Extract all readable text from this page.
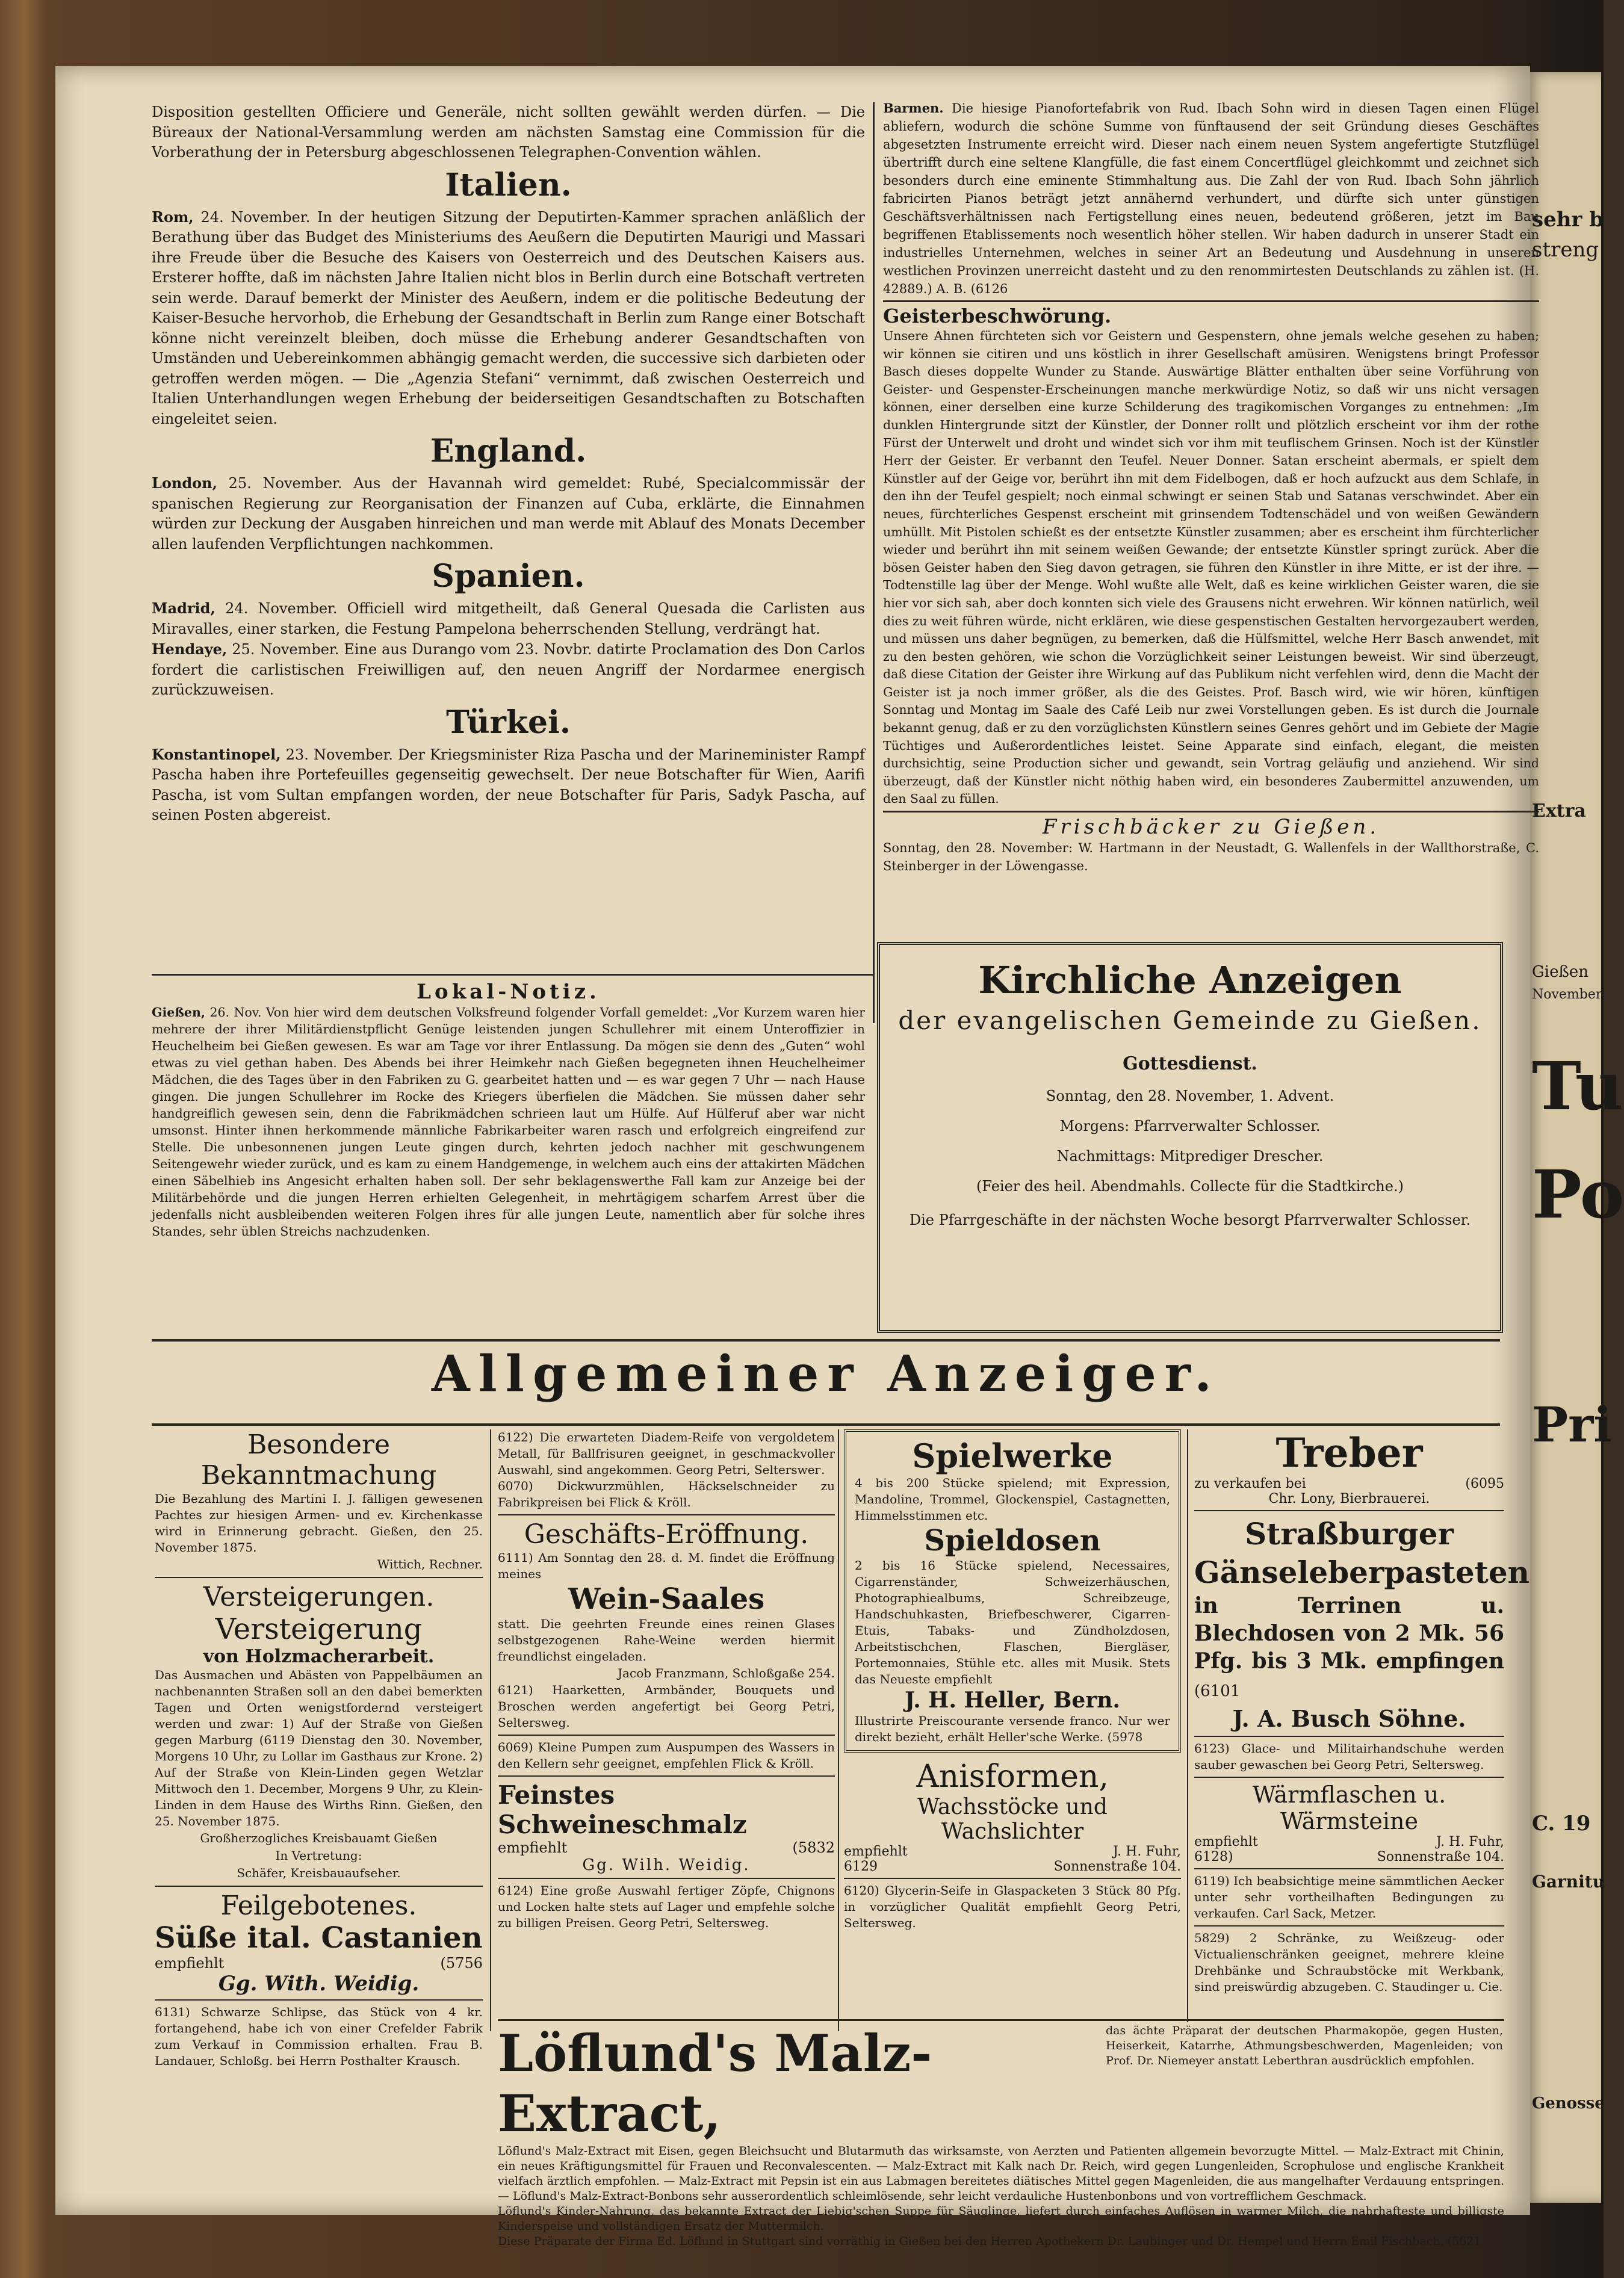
sehr b
streng
Gießen
November
Tu
Po
Pri
Extra
C. 19
Garnitu
Genosse

Disposition gestellten Officiere und Generäle, nicht sollten gewählt werden dürfen. — Die Büreaux der National-Versammlung werden am nächsten Samstag eine Commission für die Vorberathung der in Petersburg abgeschlossenen Telegraphen-Convention wählen.

Italien.

Rom, 24. November. In der heutigen Sitzung der Deputirten-Kammer sprachen anläßlich der Berathung über das Budget des Ministeriums des Aeußern die Deputirten Maurigi und Massari ihre Freude über die Besuche des Kaisers von Oesterreich und des Deutschen Kaisers aus. Ersterer hoffte, daß im nächsten Jahre Italien nicht blos in Berlin durch eine Botschaft vertreten sein werde. Darauf bemerkt der Minister des Aeußern, indem er die politische Bedeutung der Kaiser-Besuche hervorhob, die Erhebung der Gesandtschaft in Berlin zum Range einer Botschaft könne nicht vereinzelt bleiben, doch müsse die Erhebung anderer Gesandtschaften von Umständen und Uebereinkommen abhängig gemacht werden, die successive sich darbieten oder getroffen werden mögen. — Die „Agenzia Stefani“ vernimmt, daß zwischen Oesterreich und Italien Unterhandlungen wegen Erhebung der beiderseitigen Gesandtschaften zu Botschaften eingeleitet seien.

England.

London, 25. November. Aus der Havannah wird gemeldet: Rubé, Specialcommissär der spanischen Regierung zur Reorganisation der Finanzen auf Cuba, erklärte, die Einnahmen würden zur Deckung der Ausgaben hinreichen und man werde mit Ablauf des Monats December allen laufenden Verpflichtungen nachkommen.

Spanien.

Madrid, 24. November. Officiell wird mitgetheilt, daß General Quesada die Carlisten aus Miravalles, einer starken, die Festung Pampelona beherrschenden Stellung, verdrängt hat.

Hendaye, 25. November. Eine aus Durango vom 23. Novbr. datirte Proclamation des Don Carlos fordert die carlistischen Freiwilligen auf, den neuen Angriff der Nordarmee energisch zurückzuweisen.

Türkei.

Konstantinopel, 23. November. Der Kriegsminister Riza Pascha und der Marineminister Rampf Pascha haben ihre Portefeuilles gegenseitig gewechselt. Der neue Botschafter für Wien, Aarifi Pascha, ist vom Sultan empfangen worden, der neue Botschafter für Paris, Sadyk Pascha, auf seinen Posten abgereist.

Lokal-Notiz.

Gießen, 26. Nov. Von hier wird dem deutschen Volksfreund folgender Vorfall gemeldet: „Vor Kurzem waren hier mehrere der ihrer Militärdienstpflicht Genüge leistenden jungen Schullehrer mit einem Unteroffizier in Heuchelheim bei Gießen gewesen. Es war am Tage vor ihrer Entlassung. Da mögen sie denn des „Guten“ wohl etwas zu viel gethan haben. Des Abends bei ihrer Heimkehr nach Gießen begegneten ihnen Heuchelheimer Mädchen, die des Tages über in den Fabriken zu G. gearbeitet hatten und — es war gegen 7 Uhr — nach Hause gingen. Die jungen Schullehrer im Rocke des Kriegers überfielen die Mädchen. Sie müssen daher sehr handgreiflich gewesen sein, denn die Fabrikmädchen schrieen laut um Hülfe. Auf Hülferuf aber war nicht umsonst. Hinter ihnen herkommende männliche Fabrikarbeiter waren rasch und erfolgreich eingreifend zur Stelle. Die unbesonnenen jungen Leute gingen durch, kehrten jedoch nachher mit geschwungenem Seitengewehr wieder zurück, und es kam zu einem Handgemenge, in welchem auch eins der attakirten Mädchen einen Säbelhieb ins Angesicht erhalten haben soll. Der sehr beklagenswerthe Fall kam zur Anzeige bei der Militärbehörde und die jungen Herren erhielten Gelegenheit, in mehrtägigem scharfem Arrest über die jedenfalls nicht ausbleibenden weiteren Folgen ihres für alle jungen Leute, namentlich aber für solche ihres Standes, sehr üblen Streichs nachzudenken.

Barmen. Die hiesige Pianofortefabrik von Rud. Ibach Sohn wird in diesen Tagen einen Flügel abliefern, wodurch die schöne Summe von fünftausend der seit Gründung dieses Geschäftes abgesetzten Instrumente erreicht wird. Dieser nach einem neuen System angefertigte Stutzflügel übertrifft durch eine seltene Klangfülle, die fast einem Concertflügel gleichkommt und zeichnet sich besonders durch eine eminente Stimmhaltung aus. Die Zahl der von Rud. Ibach Sohn jährlich fabricirten Pianos beträgt jetzt annähernd verhundert, und dürfte sich unter günstigen Geschäftsverhältnissen nach Fertigstellung eines neuen, bedeutend größeren, jetzt im Bau begriffenen Etablissements noch wesentlich höher stellen. Wir haben dadurch in unserer Stadt ein industrielles Unternehmen, welches in seiner Art an Bedeutung und Ausdehnung in unseren westlichen Provinzen unerreicht dasteht und zu den renommirtesten Deutschlands zu zählen ist. (H. 42889.) A. B. (6126

Geisterbeschwörung.

Unsere Ahnen fürchteten sich vor Geistern und Gespenstern, ohne jemals welche gesehen zu haben; wir können sie citiren und uns köstlich in ihrer Gesellschaft amüsiren. Wenigstens bringt Professor Basch dieses doppelte Wunder zu Stande. Auswärtige Blätter enthalten über seine Vorführung von Geister- und Gespenster-Erscheinungen manche merkwürdige Notiz, so daß wir uns nicht versagen können, einer derselben eine kurze Schilderung des tragikomischen Vorganges zu entnehmen: „Im dunklen Hintergrunde sitzt der Künstler, der Donner rollt und plötzlich erscheint vor ihm der rothe Fürst der Unterwelt und droht und windet sich vor ihm mit teuflischem Grinsen. Noch ist der Künstler Herr der Geister. Er verbannt den Teufel. Neuer Donner. Satan erscheint abermals, er spielt dem Künstler auf der Geige vor, berührt ihn mit dem Fidelbogen, daß er hoch aufzuckt aus dem Schlafe, in den ihn der Teufel gespielt; noch einmal schwingt er seinen Stab und Satanas verschwindet. Aber ein neues, fürchterliches Gespenst erscheint mit grinsendem Todtenschädel und von weißen Gewändern umhüllt. Mit Pistolen schießt es der entsetzte Künstler zusammen; aber es erscheint ihm fürchterlicher wieder und berührt ihn mit seinem weißen Gewande; der entsetzte Künstler springt zurück. Aber die bösen Geister haben den Sieg davon getragen, sie führen den Künstler in ihre Mitte, er ist der ihre. — Todtenstille lag über der Menge. Wohl wußte alle Welt, daß es keine wirklichen Geister waren, die sie hier vor sich sah, aber doch konnten sich viele des Grausens nicht erwehren. Wir können natürlich, weil dies zu weit führen würde, nicht erklären, wie diese gespenstischen Gestalten hervorgezaubert werden, und müssen uns daher begnügen, zu bemerken, daß die Hülfsmittel, welche Herr Basch anwendet, mit zu den besten gehören, wie schon die Vorzüglichkeit seiner Leistungen beweist. Wir sind überzeugt, daß diese Citation der Geister ihre Wirkung auf das Publikum nicht verfehlen wird, denn die Macht der Geister ist ja noch immer größer, als die des Geistes. Prof. Basch wird, wie wir hören, künftigen Sonntag und Montag im Saale des Café Leib nur zwei Vorstellungen geben. Es ist durch die Journale bekannt genug, daß er zu den vorzüglichsten Künstlern seines Genres gehört und im Gebiete der Magie Tüchtiges und Außerordentliches leistet. Seine Apparate sind einfach, elegant, die meisten durchsichtig, seine Production sicher und gewandt, sein Vortrag geläufig und anziehend. Wir sind überzeugt, daß der Künstler nicht nöthig haben wird, ein besonderes Zaubermittel anzuwenden, um den Saal zu füllen.

Frischbäcker zu Gießen.

Sonntag, den 28. November: W. Hartmann in der Neustadt, G. Wallenfels in der Wallthorstraße, C. Steinberger in der Löwengasse.

Kirchliche Anzeigen
der evangelischen Gemeinde zu Gießen.
Gottesdienst.
Sonntag, den 28. November, 1. Advent.
Morgens: Pfarrverwalter Schlosser.
Nachmittags: Mitprediger Drescher.
(Feier des heil. Abendmahls. Collecte für die Stadtkirche.)
Die Pfarrgeschäfte in der nächsten Woche besorgt Pfarrverwalter Schlosser.
Allgemeiner Anzeiger.
Besondere Bekanntmachung

Die Bezahlung des Martini I. J. fälligen gewesenen Pachtes zur hiesigen Armen- und ev. Kirchenkasse wird in Erinnerung gebracht. Gießen, den 25. November 1875.

Wittich, Rechner.

Versteigerungen.
Versteigerung
von Holzmacherarbeit.

Das Ausmachen und Abästen von Pappelbäumen an nachbenannten Straßen soll an den dabei bemerkten Tagen und Orten wenigstfordernd versteigert werden und zwar: 1) Auf der Straße von Gießen gegen Marburg (6119 Dienstag den 30. November, Morgens 10 Uhr, zu Lollar im Gasthaus zur Krone. 2) Auf der Straße von Klein-Linden gegen Wetzlar Mittwoch den 1. December, Morgens 9 Uhr, zu Klein-Linden in dem Hause des Wirths Rinn. Gießen, den 25. November 1875.

Großherzogliches Kreisbauamt Gießen

In Vertretung:

Schäfer, Kreisbauaufseher.

Feilgebotenes.
Süße ital. Castanien

empfiehlt	(5756

Gg. With. Weidig.

6131) Schwarze Schlipse, das Stück von 4 kr. fortangehend, habe ich von einer Crefelder Fabrik zum Verkauf in Commission erhalten. Frau B. Landauer, Schloßg. bei Herrn Posthalter Krausch.

6122) Die erwarteten Diadem-Reife von vergoldetem Metall, für Ballfrisuren geeignet, in geschmackvoller Auswahl, sind angekommen. Georg Petri, Selterswег.

6070) Dickwurzmühlen, Häckselschneider zu Fabrikpreisen bei Flick & Kröll.

Geschäfts-Eröffnung.

6111) Am Sonntag den 28. d. M. findet die Eröffnung meines

Wein-Saales

statt. Die geehrten Freunde eines reinen Glases selbstgezogenen Rahe-Weine werden hiermit freundlichst eingeladen.

Jacob Franzmann, Schloßgaße 254.

6121) Haarketten, Armbänder, Bouquets und Broschen werden angefertigt bei Georg Petri, Seltersweg.

6069) Kleine Pumpen zum Auspumpen des Wassers in den Kellern sehr geeignet, empfehlen Flick & Kröll.

Feinstes Schweineschmalz

empfiehlt	(5832

Gg. Wilh. Weidig.

6124) Eine große Auswahl fertiger Zöpfe, Chignons und Locken halte stets auf Lager und empfehle solche zu billigen Preisen. Georg Petri, Seltersweg.

Spielwerke

4 bis 200 Stücke spielend; mit Expression, Mandoline, Trommel, Glockenspiel, Castagnetten, Himmelsstimmen etc.

Spieldosen

2 bis 16 Stücke spielend, Necessaires, Cigarrenständer, Schweizerhäuschen, Photographiealbums, Schreibzeuge, Handschuhkasten, Briefbeschwerer, Cigarren-Etuis, Tabaks- und Zündholzdosen, Arbeitstischchen, Flaschen, Biergläser, Portemonnaies, Stühle etc. alles mit Musik. Stets das Neueste empfiehlt

J. H. Heller, Bern.

Illustrirte Preiscourante versende franco. Nur wer direkt bezieht, erhält Heller'sche Werke. (5978

Anisformen,
Wachsstöcke und Wachslichter

empfiehlt	J. H. Fuhr,

6129	Sonnenstraße 104.

6120) Glycerin-Seife in Glaspacketen 3 Stück 80 Pfg. in vorzüglicher Qualität empfiehlt Georg Petri, Seltersweg.

Treber

zu verkaufen bei	(6095

Chr. Lony, Bierbrauerei.
Straßburger Gänseleberpasteten

in Terrinen u. Blechdosen von 2 Mk. 56 Pfg. bis 3 Mk. empfingen (6101

J. A. Busch Söhne.

6123) Glace- und Militairhandschuhe werden sauber gewaschen bei Georg Petri, Seltersweg.

Wärmflaschen u. Wärmsteine

empfiehlt	J. H. Fuhr,

6128)	Sonnenstraße 104.

6119) Ich beabsichtige meine sämmtlichen Aecker unter sehr vortheilhaften Bedingungen zu verkaufen. Carl Sack, Metzer.

5829) 2 Schränke, zu Weißzeug- oder Victualienschränken geeignet, mehrere kleine Drehbänke und Schraubstöcke mit Werkbank, sind preiswürdig abzugeben. C. Staudinger u. Cie.

Löflund's Malz-Extract,

das ächte Präparat der deutschen Pharmakopöe, gegen Husten, Heiserkeit, Katarrhe, Athmungsbeschwerden, Magenleiden; von Prof. Dr. Niemeyer anstatt Leberthran ausdrücklich empfohlen.

Löflund's Malz-Extract mit Eisen, gegen Bleichsucht und Blutarmuth das wirksamste, von Aerzten und Patienten allgemein bevorzugte Mittel. — Malz-Extract mit Chinin, ein neues Kräftigungsmittel für Frauen und Reconvalescenten. — Malz-Extract mit Kalk nach Dr. Reich, wird gegen Lungenleiden, Scrophulose und englische Krankheit vielfach ärztlich empfohlen. — Malz-Extract mit Pepsin ist ein aus Labmagen bereitetes diätisches Mittel gegen Magenleiden, die aus mangelhafter Verdauung entspringen. — Löflund's Malz-Extract-Bonbons sehr ausserordentlich schleimlösende, sehr leicht verdauliche Hustenbonbons und von vortrefflichem Geschmack.

Löflund's Kinder-Nahrung, das bekannte Extract der Liebig'schen Suppe für Säuglinge, liefert durch einfaches Auflösen in warmer Milch, die nahrhafteste und billigste Kinderspeise und vollständigen Ersatz der Muttermilch.

Diese Präparate der Firma Ed. Löflund in Stuttgart sind vorräthig in Gießen bei den Herren Apothekern Dr. Laubinger und Dr. Hempel und Herrn Emil Fischbach. (5621
